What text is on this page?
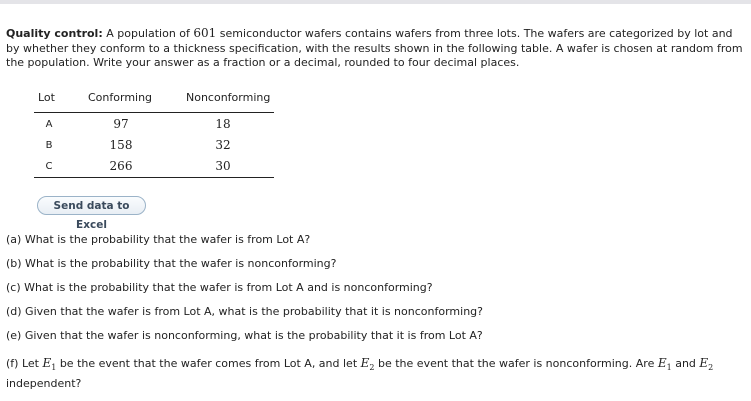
Quality control: A population of 601 semiconductor wafers contains wafers from three lots. The wafers are categorized by lot and by whether they conform to a thickness specification, with the results shown in the following table. A wafer is chosen at random from the population. Write your answer as a fraction or a decimal, rounded to four decimal places.
Lot	Conforming	Nonconforming
A	97	18
B	158	32
C	266	30
Send data to Excel
(a) What is the probability that the wafer is from Lot A?
(b) What is the probability that the wafer is nonconforming?
(c) What is the probability that the wafer is from Lot A and is nonconforming?
(d) Given that the wafer is from Lot A, what is the probability that it is nonconforming?
(e) Given that the wafer is nonconforming, what is the probability that it is from Lot A?
(f) Let $E_1$ be the event that the wafer comes from Lot A, and let $E_2$ be the event that the wafer is nonconforming. Are $E_1$ and $E_2$
independent?
